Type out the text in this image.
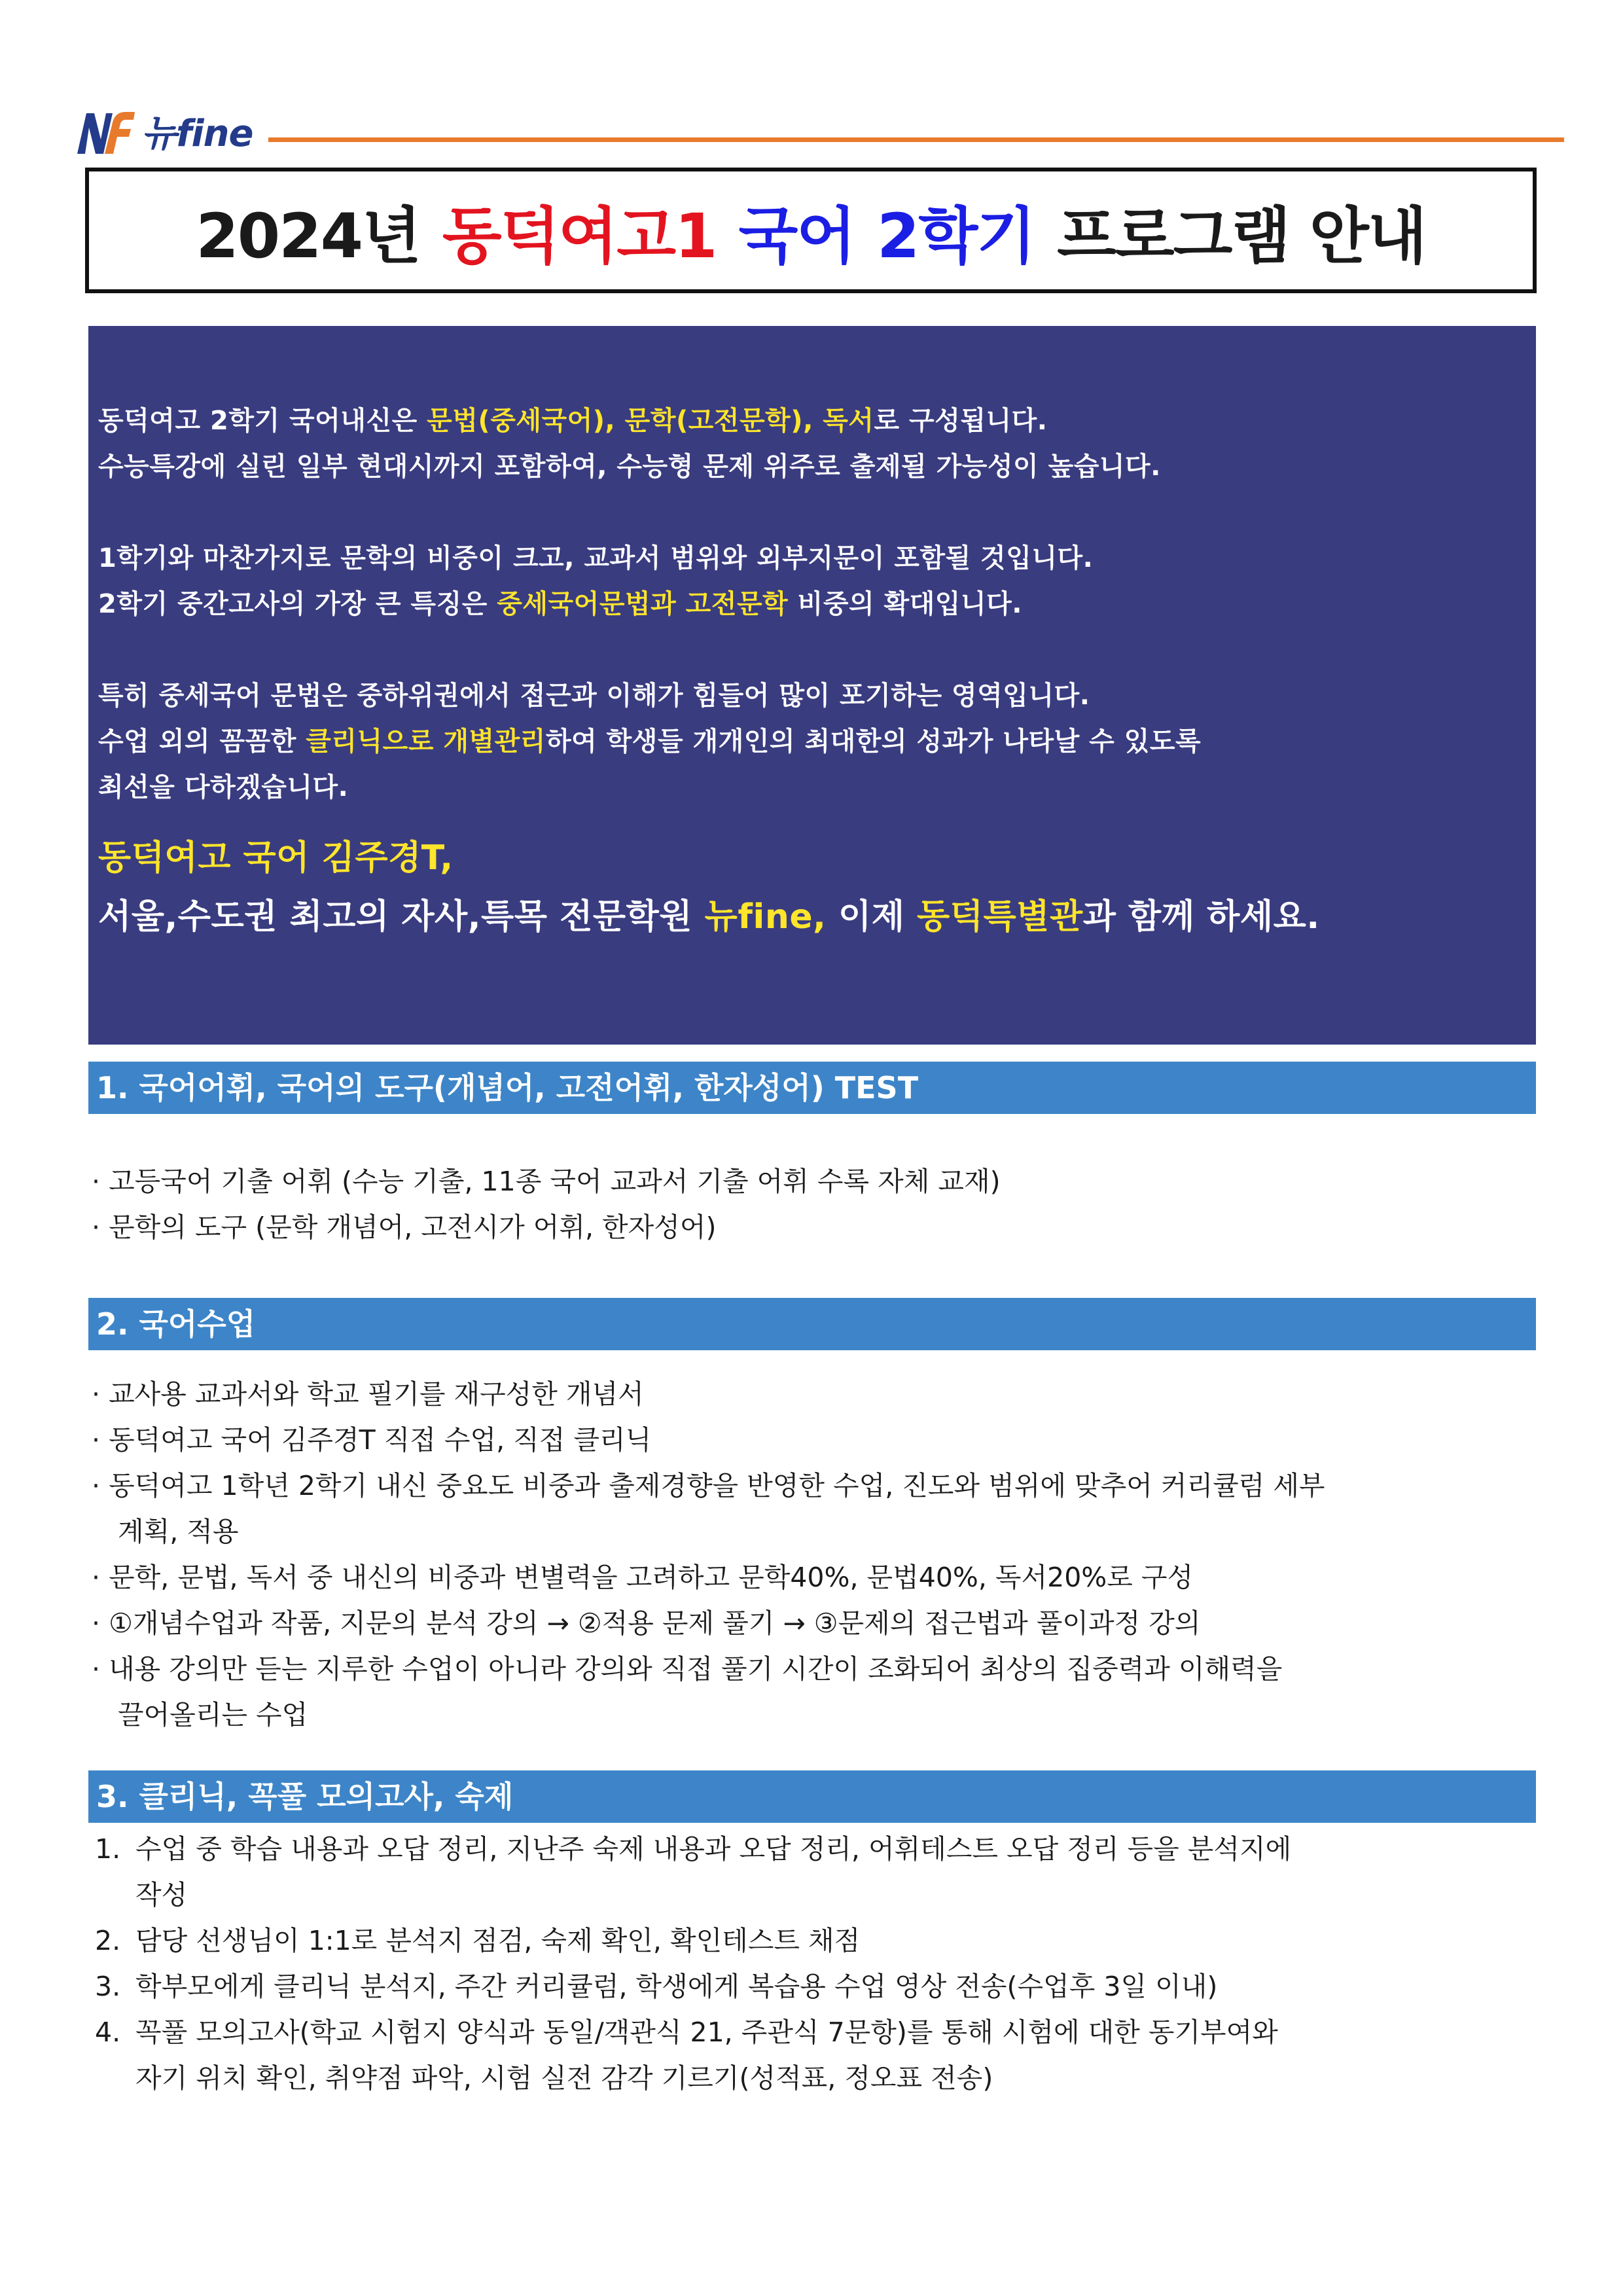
뉴fine
2024년 동덕여고1 국어 2학기 프로그램 안내

동덕여고 2학기 국어내신은 문법(중세국어), 문학(고전문학), 독서로 구성됩니다.

수능특강에 실린 일부 현대시까지 포함하여, 수능형 문제 위주로 출제될 가능성이 높습니다.

1학기와 마찬가지로 문학의 비중이 크고, 교과서 범위와 외부지문이 포함될 것입니다.

2학기 중간고사의 가장 큰 특징은 중세국어문법과 고전문학 비중의 확대입니다.

특히 중세국어 문법은 중하위권에서 접근과 이해가 힘들어 많이 포기하는 영역입니다.

수업 외의 꼼꼼한 클리닉으로 개별관리하여 학생들 개개인의 최대한의 성과가 나타날 수 있도록

최선을 다하겠습니다.

동덕여고 국어 김주경T,

서울,수도권 최고의 자사,특목 전문학원 뉴fine, 이제 동덕특별관과 함께 하세요.

1. 국어어휘, 국어의 도구(개념어, 고전어휘, 한자성어) TEST
· 고등국어 기출 어휘 (수능 기출, 11종 국어 교과서 기출 어휘 수록 자체 교재)
· 문학의 도구 (문학 개념어, 고전시가 어휘, 한자성어)
2. 국어수업
· 교사용 교과서와 학교 필기를 재구성한 개념서
· 동덕여고 국어 김주경T 직접 수업, 직접 클리닉
· 동덕여고 1학년 2학기 내신 중요도 비중과 출제경향을 반영한 수업, 진도와 범위에 맞추어 커리큘럼 세부
계획, 적용
· 문학, 문법, 독서 중 내신의 비중과 변별력을 고려하고 문학40%, 문법40%, 독서20%로 구성
· ①개념수업과 작품, 지문의 분석 강의 → ②적용 문제 풀기 → ③문제의 접근법과 풀이과정 강의
· 내용 강의만 듣는 지루한 수업이 아니라 강의와 직접 풀기 시간이 조화되어 최상의 집중력과 이해력을
끌어올리는 수업
3. 클리닉, 꼭풀 모의고사, 숙제
1. 수업 중 학습 내용과 오답 정리, 지난주 숙제 내용과 오답 정리, 어휘테스트 오답 정리 등을 분석지에
작성
2. 담당 선생님이 1:1로 분석지 점검, 숙제 확인, 확인테스트 채점
3. 학부모에게 클리닉 분석지, 주간 커리큘럼, 학생에게 복습용 수업 영상 전송(수업후 3일 이내)
4. 꼭풀 모의고사(학교 시험지 양식과 동일/객관식 21, 주관식 7문항)를 통해 시험에 대한 동기부여와
자기 위치 확인, 취약점 파악, 시험 실전 감각 기르기(성적표, 정오표 전송)
